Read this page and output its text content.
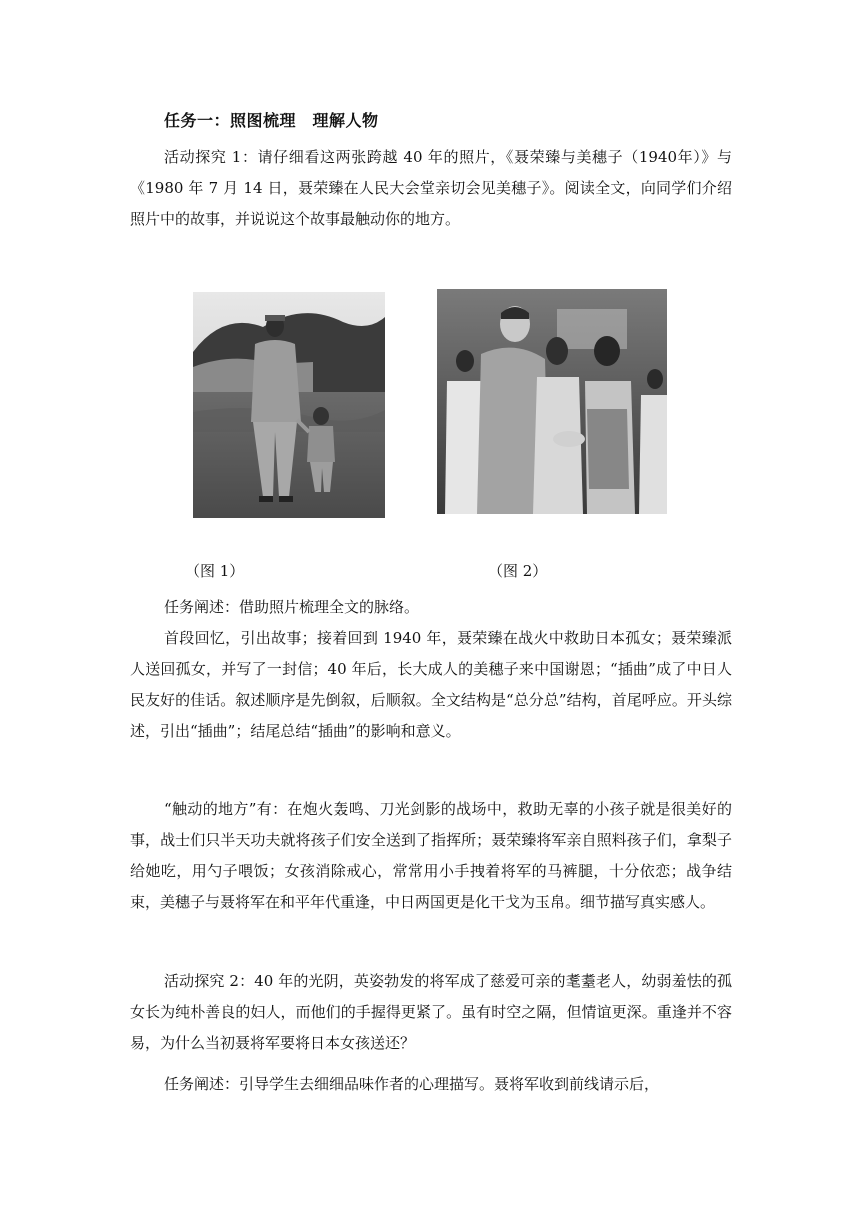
任务一：照图梳理　理解人物

活动探究 1：请仔细看这两张跨越 40 年的照片，《聂荣臻与美穗子（1940年）》与《1980 年 7 月 14 日，聂荣臻在人民大会堂亲切会见美穗子》。阅读全文，向同学们介绍照片中的故事，并说说这个故事最触动你的地方。

（图 1）	（图 2）

任务阐述：借助照片梳理全文的脉络。

首段回忆，引出故事；接着回到 1940 年，聂荣臻在战火中救助日本孤女；聂荣臻派人送回孤女，并写了一封信；40 年后，长大成人的美穗子来中国谢恩；“插曲”成了中日人民友好的佳话。叙述顺序是先倒叙，后顺叙。全文结构是“总分总”结构，首尾呼应。开头综述，引出“插曲”；结尾总结“插曲”的影响和意义。

“触动的地方”有：在炮火轰鸣、刀光剑影的战场中，救助无辜的小孩子就是很美好的事，战士们只半天功夫就将孩子们安全送到了指挥所；聂荣臻将军亲自照料孩子们，拿梨子给她吃，用勺子喂饭；女孩消除戒心，常常用小手拽着将军的马裤腿，十分依恋；战争结束，美穗子与聂将军在和平年代重逢，中日两国更是化干戈为玉帛。细节描写真实感人。

活动探究 2：40 年的光阴，英姿勃发的将军成了慈爱可亲的耄耋老人，幼弱羞怯的孤女长为纯朴善良的妇人，而他们的手握得更紧了。虽有时空之隔，但情谊更深。重逢并不容易，为什么当初聂将军要将日本女孩送还？

任务阐述：引导学生去细细品味作者的心理描写。聂将军收到前线请示后，
